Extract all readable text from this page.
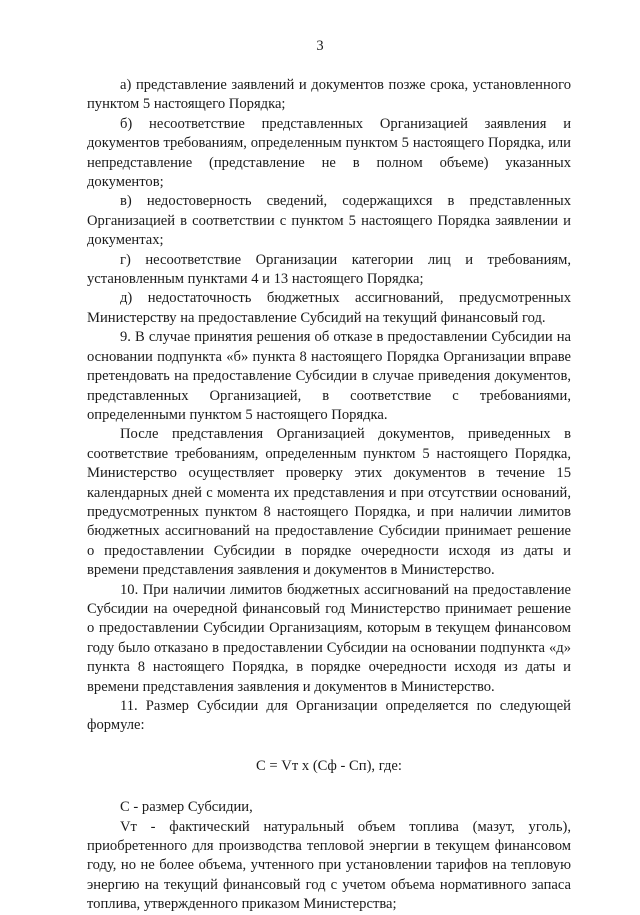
3

а) представление заявлений и документов позже срока, установленного пунктом 5 настоящего Порядка;

б) несоответствие представленных Организацией заявления и документов требованиям, определенным пунктом 5 настоящего Порядка, или непредставление (представление не в полном объеме) указанных документов;

в) недостоверность сведений, содержащихся в представленных Организацией в соответствии с пунктом 5 настоящего Порядка заявлении и документах;

г) несоответствие Организации категории лиц и требованиям, установленным пунктами 4 и 13 настоящего Порядка;

д) недостаточность бюджетных ассигнований, предусмотренных Министерству на предоставление Субсидий на текущий финансовый год.

9. В случае принятия решения об отказе в предоставлении Субсидии на основании подпункта «б» пункта 8 настоящего Порядка Организации вправе претендовать на предоставление Субсидии в случае приведения документов, представленных Организацией, в соответствие с требованиями, определенными пунктом 5 настоящего Порядка.

После представления Организацией документов, приведенных в соответствие требованиям, определенным пунктом 5 настоящего Порядка, Министерство осуществляет проверку этих документов в течение 15 календарных дней с момента их представления и при отсутствии оснований, предусмотренных пунктом 8 настоящего Порядка, и при наличии лимитов бюджетных ассигнований на предоставление Субсидии принимает решение о предоставлении Субсидии в порядке очередности исходя из даты и времени представления заявления и документов в Министерство.

10. При наличии лимитов бюджетных ассигнований на предоставление Субсидии на очередной финансовый год Министерство принимает решение о предоставлении Субсидии Организациям, которым в текущем финансовом году было отказано в предоставлении Субсидии на основании подпункта «д» пункта 8 настоящего Порядка, в порядке очередности исходя из даты и времени представления заявления и документов в Министерство.

11. Размер Субсидии для Организации определяется по следующей формуле:

С = Vт x (Сф - Сп), где:

С - размер Субсидии,

Vт - фактический натуральный объем топлива (мазут, уголь), приобретенного для производства тепловой энергии в текущем финансовом году, но не более объема, учтенного при установлении тарифов на тепловую энергию на текущий финансовый год с учетом объема нормативного запаса топлива, утвержденного приказом Министерства;
